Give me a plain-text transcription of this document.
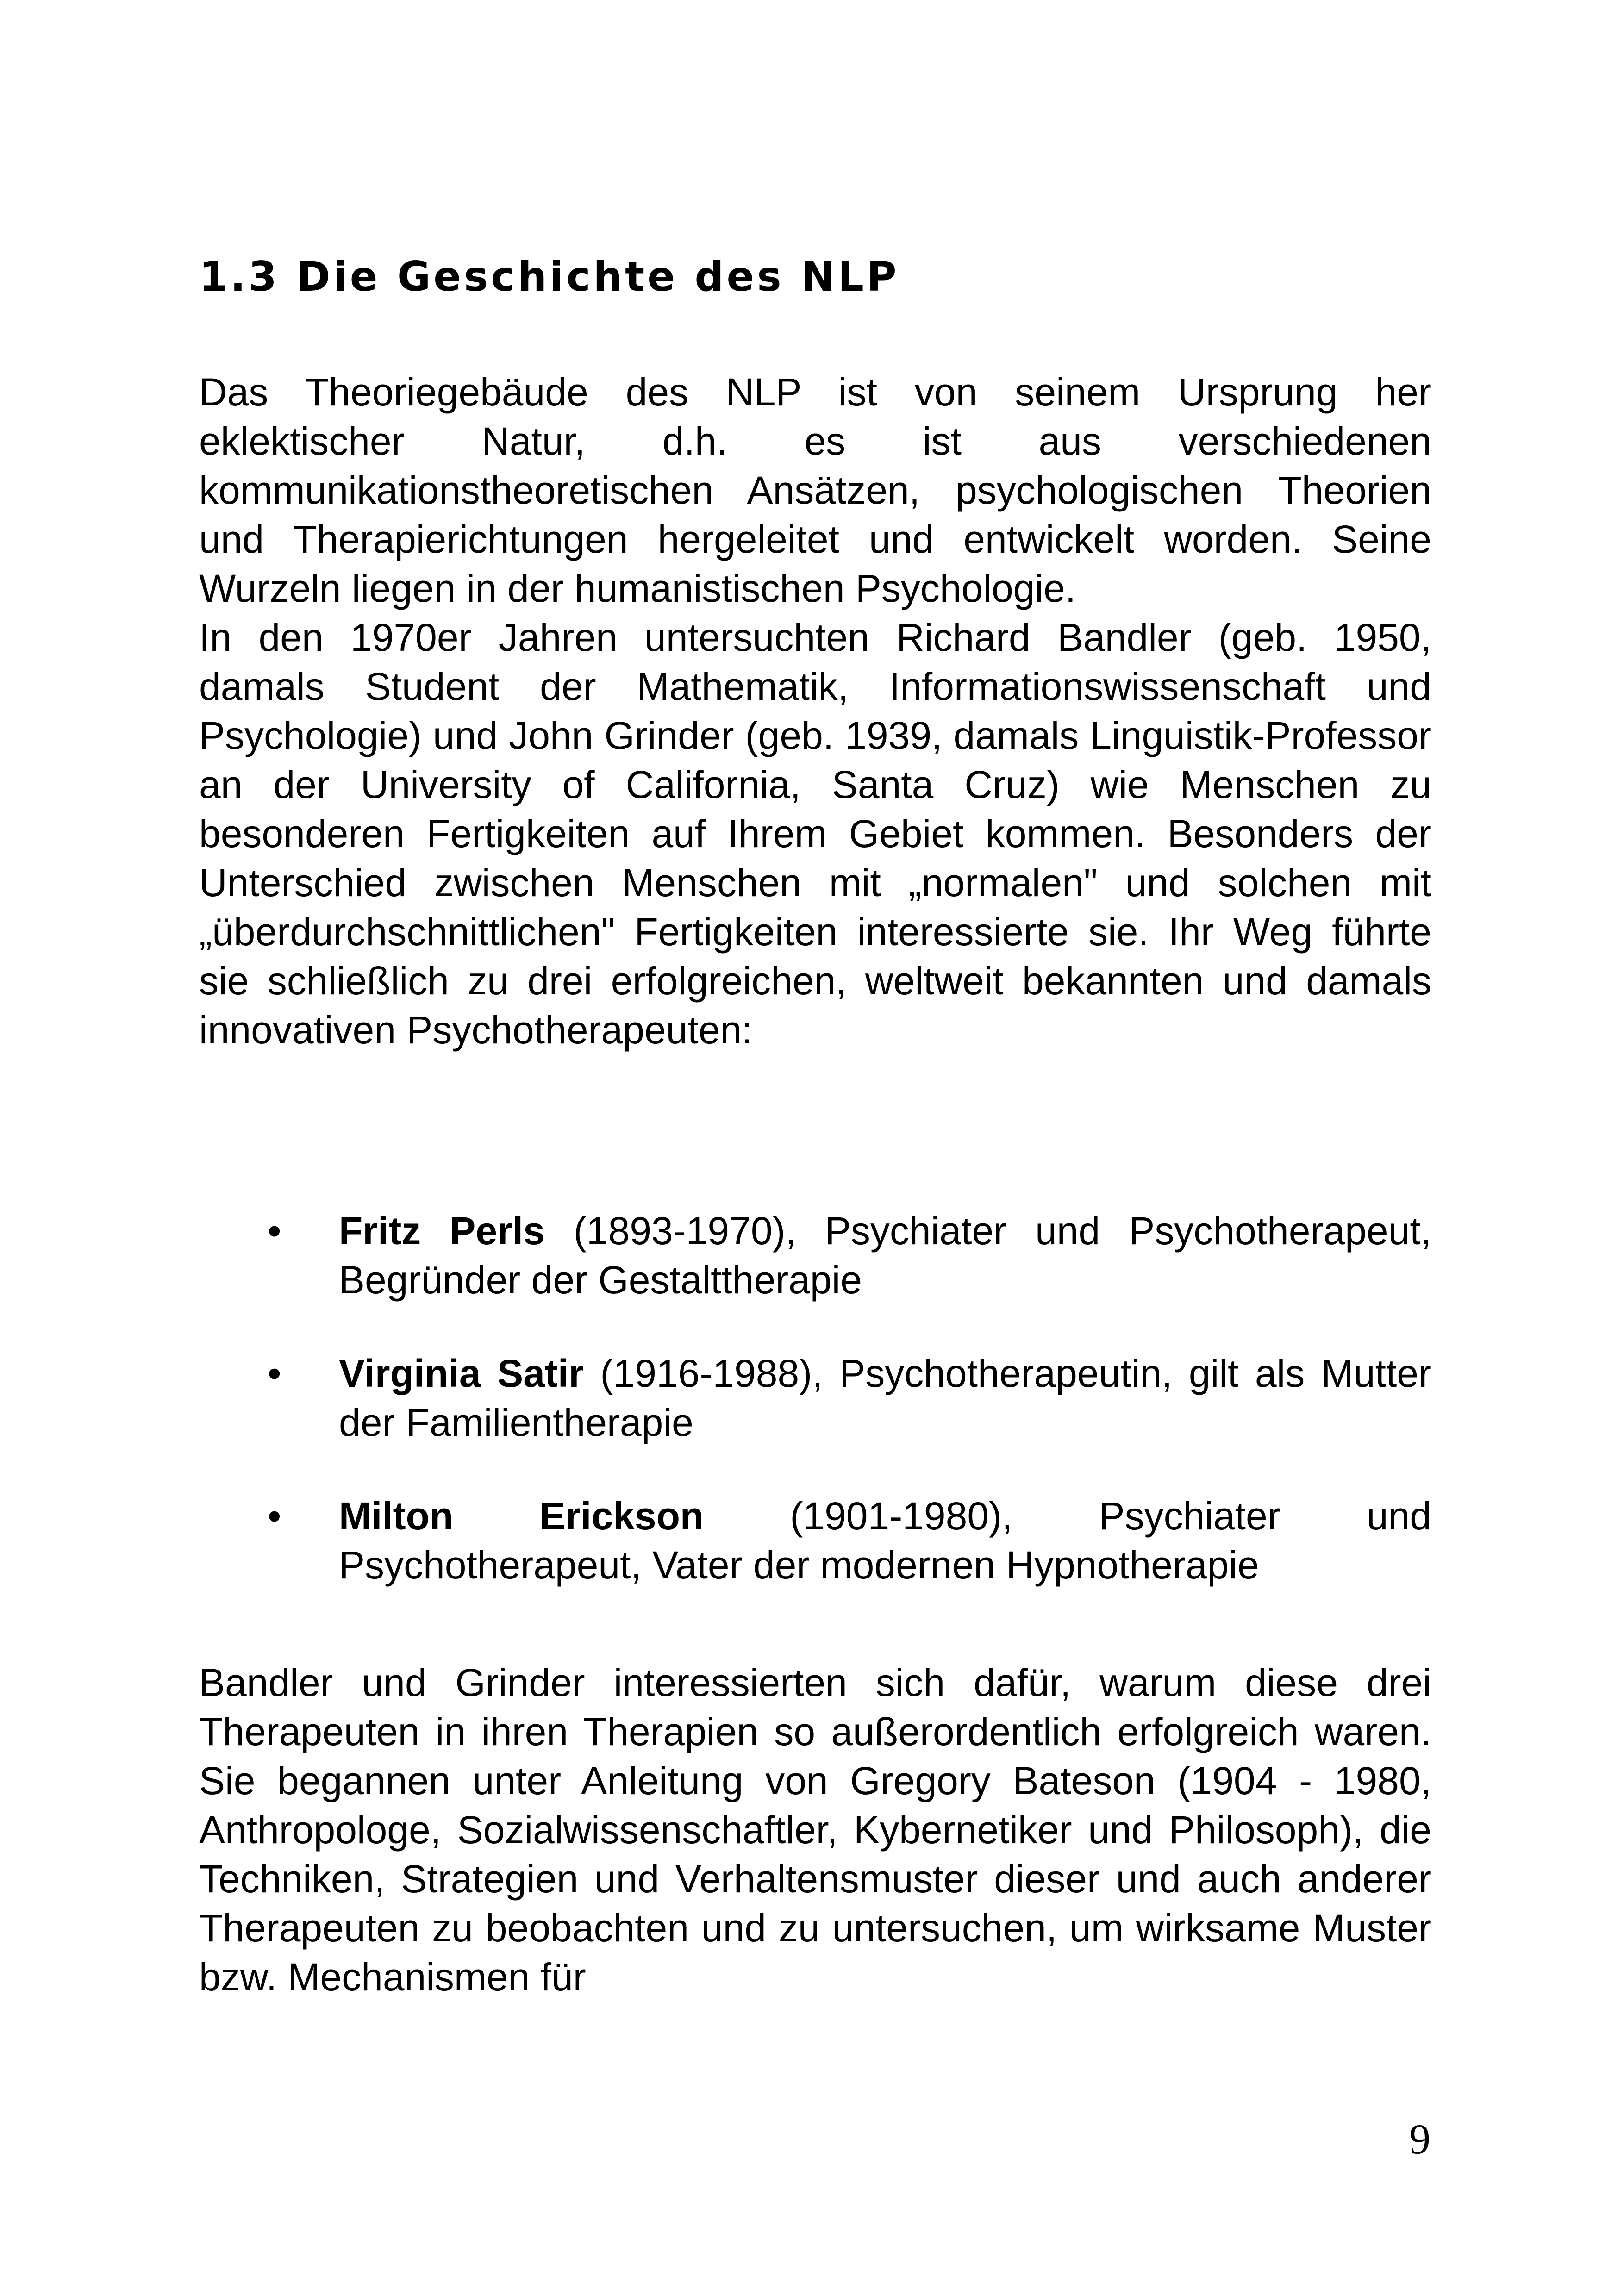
1.3 Die Geschichte des NLP

Das Theoriegebäude des NLP ist von seinem Ursprung her eklektischer Natur, d.h. es ist aus verschiedenen kommunikationstheoretischen Ansätzen, psychologischen Theorien und Therapierichtungen hergeleitet und entwickelt worden. Seine Wurzeln liegen in der humanistischen Psychologie.

In den 1970er Jahren untersuchten Richard Bandler (geb. 1950, damals Student der Mathematik, Informationswissenschaft und Psychologie) und John Grinder (geb. 1939, damals Linguistik-Professor an der University of California, Santa Cruz) wie Menschen zu besonderen Fertigkeiten auf Ihrem Gebiet kommen. Besonders der Unterschied zwischen Menschen mit „normalen" und solchen mit „überdurchschnittlichen" Fertigkeiten interessierte sie. Ihr Weg führte sie schließlich zu drei erfolgreichen, weltweit bekannten und damals innovativen Psychotherapeuten:

• Fritz Perls (1893-1970), Psychiater und Psychotherapeut, Begründer der Gestalttherapie
• Virginia Satir (1916-1988), Psychotherapeutin, gilt als Mutter der Familientherapie
• Milton Erickson (1901-1980), Psychiater und Psychotherapeut, Vater der modernen Hypnotherapie

Bandler und Grinder interessierten sich dafür, warum diese drei Therapeuten in ihren Therapien so außerordentlich erfolgreich waren. Sie begannen unter Anleitung von Gregory Bateson (1904 - 1980, Anthropologe, Sozialwissenschaftler, Kybernetiker und Philosoph), die Techniken, Strategien und Verhaltensmuster dieser und auch anderer Therapeuten zu beobachten und zu untersuchen, um wirksame Muster bzw. Mechanismen für

9
